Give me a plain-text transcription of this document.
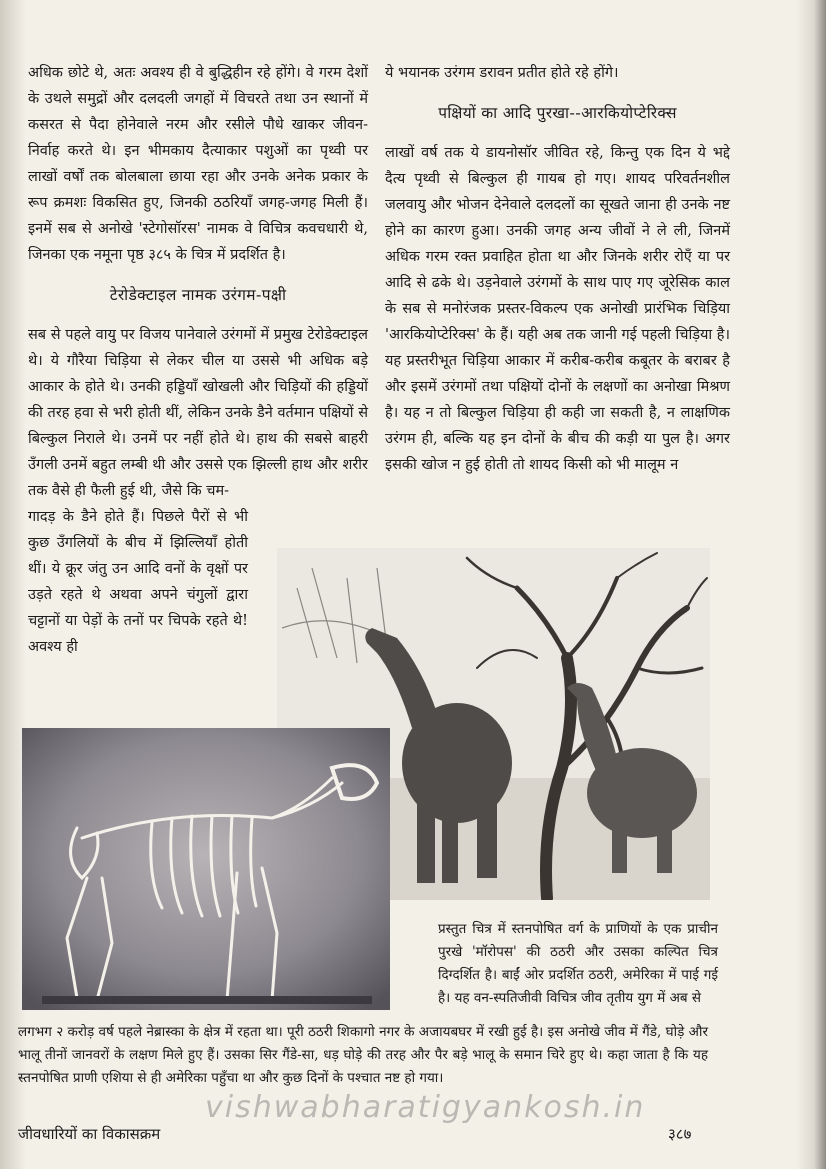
अधिक छोटे थे, अतः अवश्य ही वे बुद्धिहीन रहे होंगे। वे गरम देशों के उथले समुद्रों और दलदली जगहों में विचरते तथा उन स्थानों में कसरत से पैदा होनेवाले नरम और रसीले पौधे खाकर जीवन-निर्वाह करते थे। इन भीमकाय दैत्याकार पशुओं का पृथ्वी पर लाखों वर्षों तक बोलबाला छाया रहा और उनके अनेक प्रकार के रूप क्रमशः विकसित हुए, जिनकी ठठरियाँ जगह-जगह मिली हैं। इनमें सब से अनोखे 'स्टेगोसॉरस' नामक वे विचित्र कवचधारी थे, जिनका एक नमूना पृष्ठ ३८५ के चित्र में प्रदर्शित है।

टेरोडेक्टाइल नामक उरंगम-पक्षी

सब से पहले वायु पर विजय पानेवाले उरंगमों में प्रमुख टेरोडेक्टाइल थे। ये गौरैया चिड़िया से लेकर चील या उससे भी अधिक बड़े आकार के होते थे। उनकी हड्डियाँ खोखली और चिड़ियों की हड्डियों की तरह हवा से भरी होती थीं, लेकिन उनके डैने वर्तमान पक्षियों से बिल्कुल निराले थे। उनमें पर नहीं होते थे। हाथ की सबसे बाहरी उँगली उनमें बहुत लम्बी थी और उससे एक झिल्ली हाथ और शरीर तक वैसे ही फैली हुई थी, जैसे कि चम-

गादड़ के डैने होते हैं। पिछले पैरों से भी कुछ उँगलियों के बीच में झिल्लियाँ होती थीं। ये क्रूर जंतु उन आदि वनों के वृक्षों पर उड़ते रहते थे अथवा अपने चंगुलों द्वारा चट्टानों या पेड़ों के तनों पर चिपके रहते थे! अवश्य ही

ये भयानक उरंगम डरावन प्रतीत होते रहे होंगे।

पक्षियों का आदि पुरखा--आरकियोप्टेरिक्स

लाखों वर्ष तक ये डायनोसॉर जीवित रहे, किन्तु एक दिन ये भद्दे दैत्य पृथ्वी से बिल्कुल ही गायब हो गए। शायद परिवर्तनशील जलवायु और भोजन देनेवाले दलदलों का सूखते जाना ही उनके नष्ट होने का कारण हुआ। उनकी जगह अन्य जीवों ने ले ली, जिनमें अधिक गरम रक्त प्रवाहित होता था और जिनके शरीर रोएँ या पर आदि से ढके थे। उड़नेवाले उरंगमों के साथ पाए गए जूरेसिक काल के सब से मनोरंजक प्रस्तर-विकल्प एक अनोखी प्रारंभिक चिड़िया 'आरकियोप्टेरिक्स' के हैं। यही अब तक जानी गई पहली चिड़िया है। यह प्रस्तरीभूत चिड़िया आकार में करीब-करीब कबूतर के बराबर है और इसमें उरंगमों तथा पक्षियों दोनों के लक्षणों का अनोखा मिश्रण है। यह न तो बिल्कुल चिड़िया ही कही जा सकती है, न लाक्षणिक उरंगम ही, बल्कि यह इन दोनों के बीच की कड़ी या पुल है। अगर इसकी खोज न हुई होती तो शायद किसी को भी मालूम न

प्रस्तुत चित्र में स्तनपोषित वर्ग के प्राणियों के एक प्राचीन पुरखे 'मॉरोपस' की ठठरी और उसका कल्पित चित्र दिग्दर्शित है। बाईं ओर प्रदर्शित ठठरी, अमेरिका में पाई गई है। यह वन-स्पतिजीवी विचित्र जीव तृतीय युग में अब से
लगभग २ करोड़ वर्ष पहले नेब्रास्का के क्षेत्र में रहता था। पूरी ठठरी शिकागो नगर के अजायबघर में रखी हुई है। इस अनोखे जीव में गैंडे, घोड़े और भालू तीनों जानवरों के लक्षण मिले हुए हैं। उसका सिर गैंडे-सा, धड़ घोड़े की तरह और पैर बड़े भालू के समान चिरे हुए थे। कहा जाता है कि यह स्तनपोषित प्राणी एशिया से ही अमेरिका पहुँचा था और कुछ दिनों के पश्चात नष्ट हो गया।
vishwabharatigyankosh.in
जीवधारियों का विकासक्रम	३८७
